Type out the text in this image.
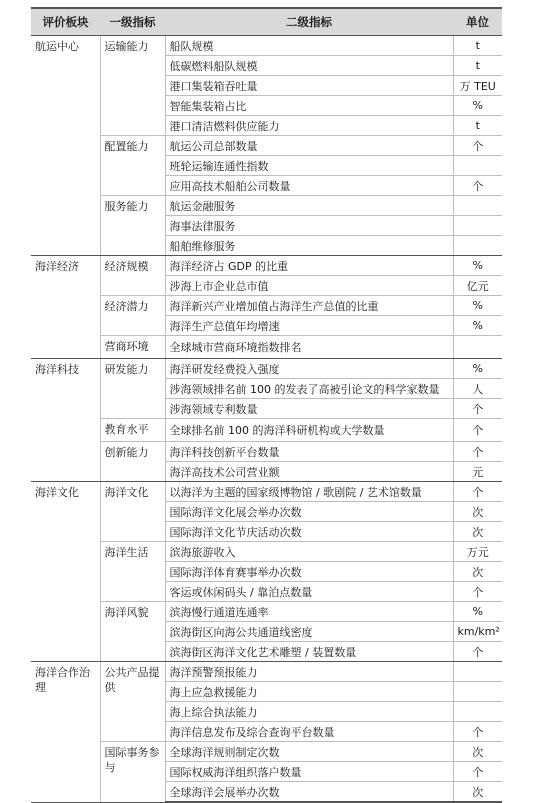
评价板块	一级指标	二级指标	单位
航运中心	运输能力	船队规模	t
		低碳燃料船队规模	t
		港口集装箱吞吐量	万 TEU
		智能集装箱占比	%
		港口清洁燃料供应能力	t
	配置能力	航运公司总部数量	个
		班轮运输连通性指数	
		应用高技术船舶公司数量	个
	服务能力	航运金融服务	
		海事法律服务	
		船舶维修服务	
海洋经济	经济规模	海洋经济占 GDP 的比重	%
		涉海上市企业总市值	亿元
	经济潜力	海洋新兴产业增加值占海洋生产总值的比重	%
		海洋生产总值年均增速	%
	营商环境	全球城市营商环境指数排名	
海洋科技	研发能力	海洋研发经费投入强度	%
		涉海领域排名前 100 的发表了高被引论文的科学家数量	人
		涉海领域专利数量	个
	教育水平	全球排名前 100 的海洋科研机构或大学数量	个
	创新能力	海洋科技创新平台数量	个
		海洋高技术公司营业额	元
海洋文化	海洋文化	以海洋为主题的国家级博物馆 / 歌剧院 / 艺术馆数量	个
		国际海洋文化展会举办次数	次
		国际海洋文化节庆活动次数	次
	海洋生活	滨海旅游收入	万元
		国际海洋体育赛事举办次数	次
		客运或休闲码头 / 靠泊点数量	个
	海洋风貌	滨海慢行通道连通率	%
		滨海街区向海公共通道线密度	km/km²
		滨海街区海洋文化艺术雕塑 / 装置数量	个
海洋合作治理	公共产品提供	海洋预警预报能力	
		海上应急救援能力	
		海上综合执法能力	
		海洋信息发布及综合查询平台数量	个
	国际事务参与	全球海洋规则制定次数	次
		国际权威海洋组织落户数量	个
		全球海洋会展举办次数	次
